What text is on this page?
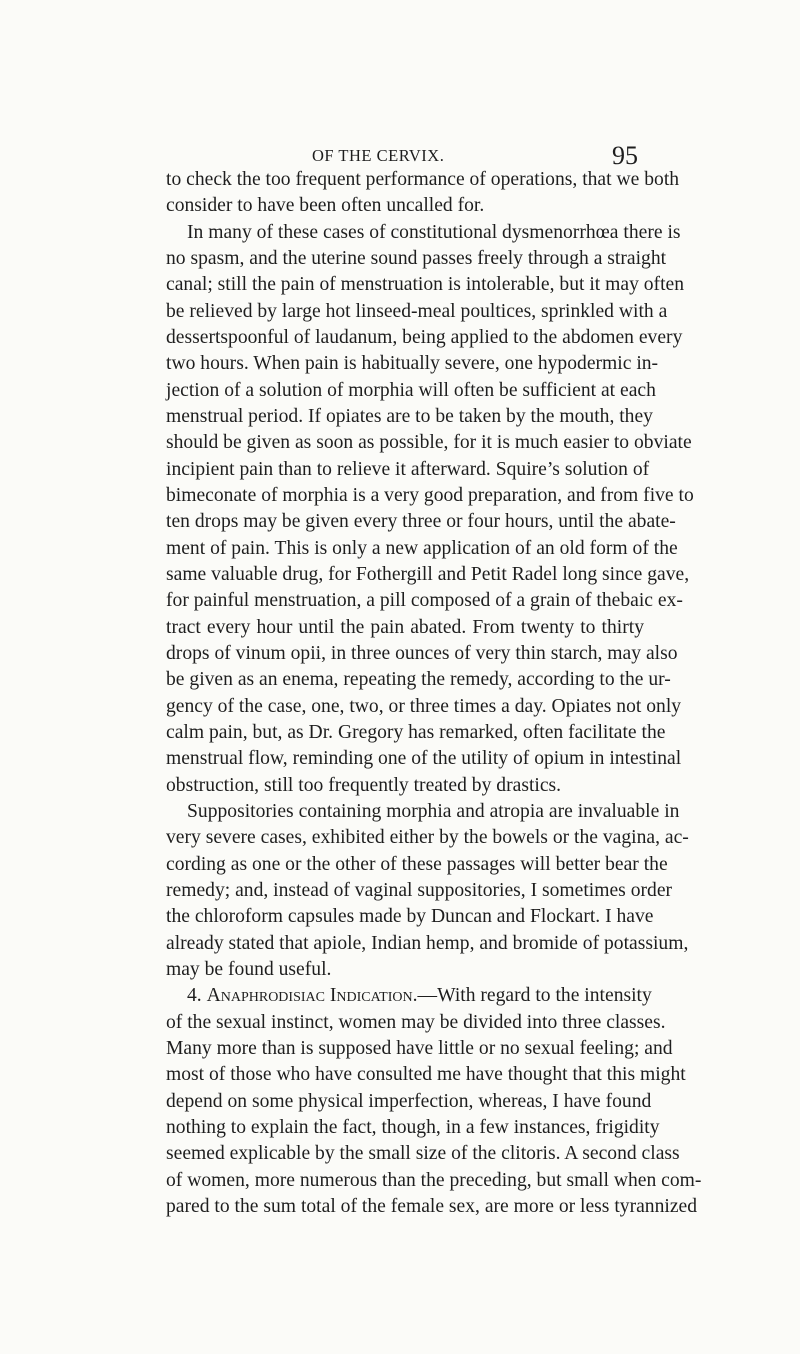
OF THE CERVIX.	95
to check the too frequent performance of operations, that we both
consider to have been often uncalled for.
In many of these cases of constitutional dysmenorrhœa there is
no spasm, and the uterine sound passes freely through a straight
canal; still the pain of menstruation is intolerable, but it may often
be relieved by large hot linseed-meal poultices, sprinkled with a
dessertspoonful of laudanum, being applied to the abdomen every
two hours. When pain is habitually severe, one hypodermic in-
jection of a solution of morphia will often be sufficient at each
menstrual period. If opiates are to be taken by the mouth, they
should be given as soon as possible, for it is much easier to obviate
incipient pain than to relieve it afterward. Squire’s solution of
bimeconate of morphia is a very good preparation, and from five to
ten drops may be given every three or four hours, until the abate-
ment of pain. This is only a new application of an old form of the
same valuable drug, for Fothergill and Petit Radel long since gave,
for painful menstruation, a pill composed of a grain of thebaic ex-
tract every hour until the pain abated. From twenty to thirty
drops of vinum opii, in three ounces of very thin starch, may also
be given as an enema, repeating the remedy, according to the ur-
gency of the case, one, two, or three times a day. Opiates not only
calm pain, but, as Dr. Gregory has remarked, often facilitate the
menstrual flow, reminding one of the utility of opium in intestinal
obstruction, still too frequently treated by drastics.
Suppositories containing morphia and atropia are invaluable in
very severe cases, exhibited either by the bowels or the vagina, ac-
cording as one or the other of these passages will better bear the
remedy; and, instead of vaginal suppositories, I sometimes order
the chloroform capsules made by Duncan and Flockart. I have
already stated that apiole, Indian hemp, and bromide of potassium,
may be found useful.
4. Anaphrodisiac Indication.—With regard to the intensity
of the sexual instinct, women may be divided into three classes.
Many more than is supposed have little or no sexual feeling; and
most of those who have consulted me have thought that this might
depend on some physical imperfection, whereas, I have found
nothing to explain the fact, though, in a few instances, frigidity
seemed explicable by the small size of the clitoris. A second class
of women, more numerous than the preceding, but small when com-
pared to the sum total of the female sex, are more or less tyrannized
